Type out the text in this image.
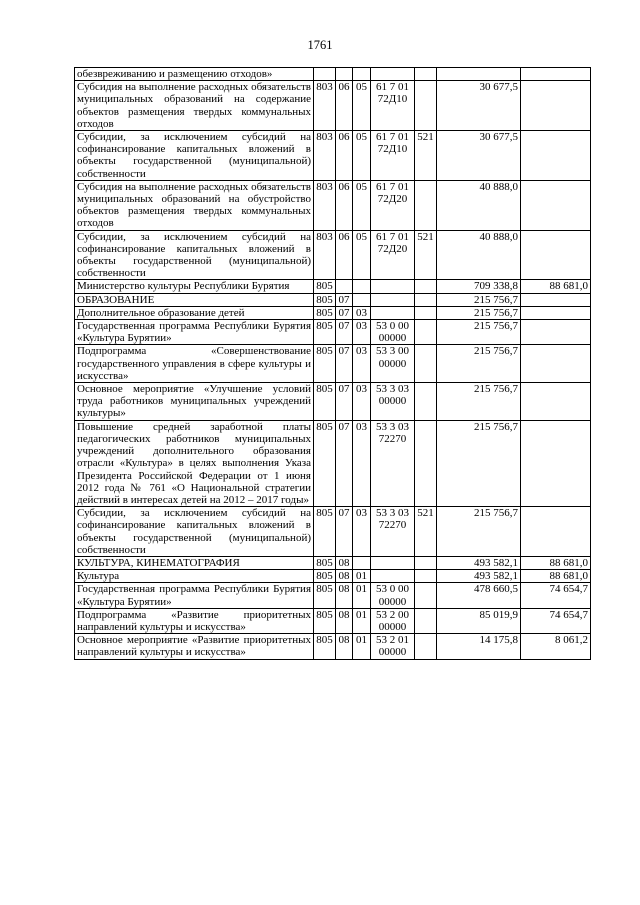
1761
обезвреживанию и размещению отходов»							
Субсидия на выполнение расходных обязательств муниципальных образований на содержание объектов размещения твердых коммунальных отходов	803	06	05	61 7 01 72Д10		30 677,5	
Субсидии, за исключением субсидий на софинансирование капитальных вложений в объекты государственной (муниципальной) собственности	803	06	05	61 7 01 72Д10	521	30 677,5	
Субсидия на выполнение расходных обязательств муниципальных образований на обустройство объектов размещения твердых коммунальных отходов	803	06	05	61 7 01 72Д20		40 888,0	
Субсидии, за исключением субсидий на софинансирование капитальных вложений в объекты государственной (муниципальной) собственности	803	06	05	61 7 01 72Д20	521	40 888,0	
Министерство культуры Республики Бурятия	805					709 338,8	88 681,0
ОБРАЗОВАНИЕ	805	07				215 756,7	
Дополнительное образование детей	805	07	03			215 756,7	
Государственная программа Республики Бурятия «Культура Бурятии»	805	07	03	53 0 00 00000		215 756,7	
Подпрограмма «Совершенствование государственного управления в сфере культуры и искусства»	805	07	03	53 3 00 00000		215 756,7	
Основное мероприятие «Улучшение условий труда работников муниципальных учреждений культуры»	805	07	03	53 3 03 00000		215 756,7	
Повышение средней заработной платы педагогических работников муниципальных учреждений дополнительного образования отрасли «Культура» в целях выполнения Указа Президента Российской Федерации от 1 июня 2012 года № 761 «О Национальной стратегии действий в интересах детей на 2012 – 2017 годы»	805	07	03	53 3 03 72270		215 756,7	
Субсидии, за исключением субсидий на софинансирование капитальных вложений в объекты государственной (муниципальной) собственности	805	07	03	53 3 03 72270	521	215 756,7	
КУЛЬТУРА, КИНЕМАТОГРАФИЯ	805	08				493 582,1	88 681,0
Культура	805	08	01			493 582,1	88 681,0
Государственная программа Республики Бурятия «Культура Бурятии»	805	08	01	53 0 00 00000		478 660,5	74 654,7
Подпрограмма «Развитие приоритетных направлений культуры и искусства»	805	08	01	53 2 00 00000		85 019,9	74 654,7
Основное мероприятие «Развитие приоритетных направлений культуры и искусства»	805	08	01	53 2 01 00000		14 175,8	8 061,2
